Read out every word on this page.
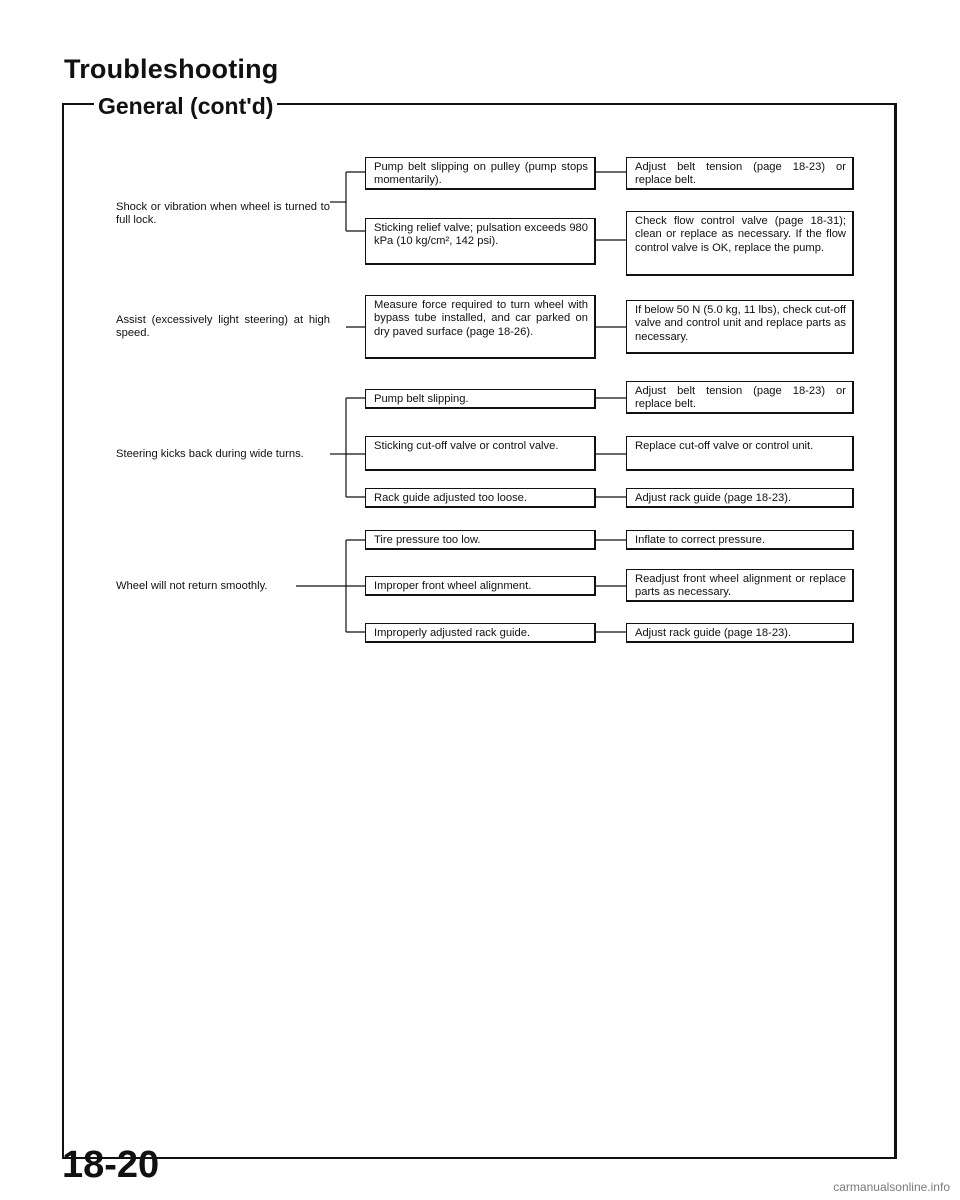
Troubleshooting
General (cont'd)
Shock or vibration when wheel is turned to full lock.
Assist (excessively light steering) at high speed.
Steering kicks back during wide turns.
Wheel will not return smoothly.
Pump belt slipping on pulley (pump stops momentarily).
Sticking relief valve; pulsation exceeds 980 kPa (10 kg/cm², 142 psi).
Measure force required to turn wheel with bypass tube installed, and car parked on dry paved surface (page 18-26).
Pump belt slipping.
Sticking cut-off valve or control valve.
Rack guide adjusted too loose.
Tire pressure too low.
Improper front wheel alignment.
Improperly adjusted rack guide.
Adjust belt tension (page 18-23) or replace belt.
Check flow control valve (page 18-31); clean or replace as necessary. If the flow control valve is OK, replace the pump.
If below 50 N (5.0 kg, 11 lbs), check cut-off valve and control unit and replace parts as necessary.
Adjust belt tension (page 18-23) or replace belt.
Replace cut-off valve or control unit.
Adjust rack guide (page 18-23).
Inflate to correct pressure.
Readjust front wheel alignment or replace parts as necessary.
Adjust rack guide (page 18-23).
18-20
carmanualsonline.info
